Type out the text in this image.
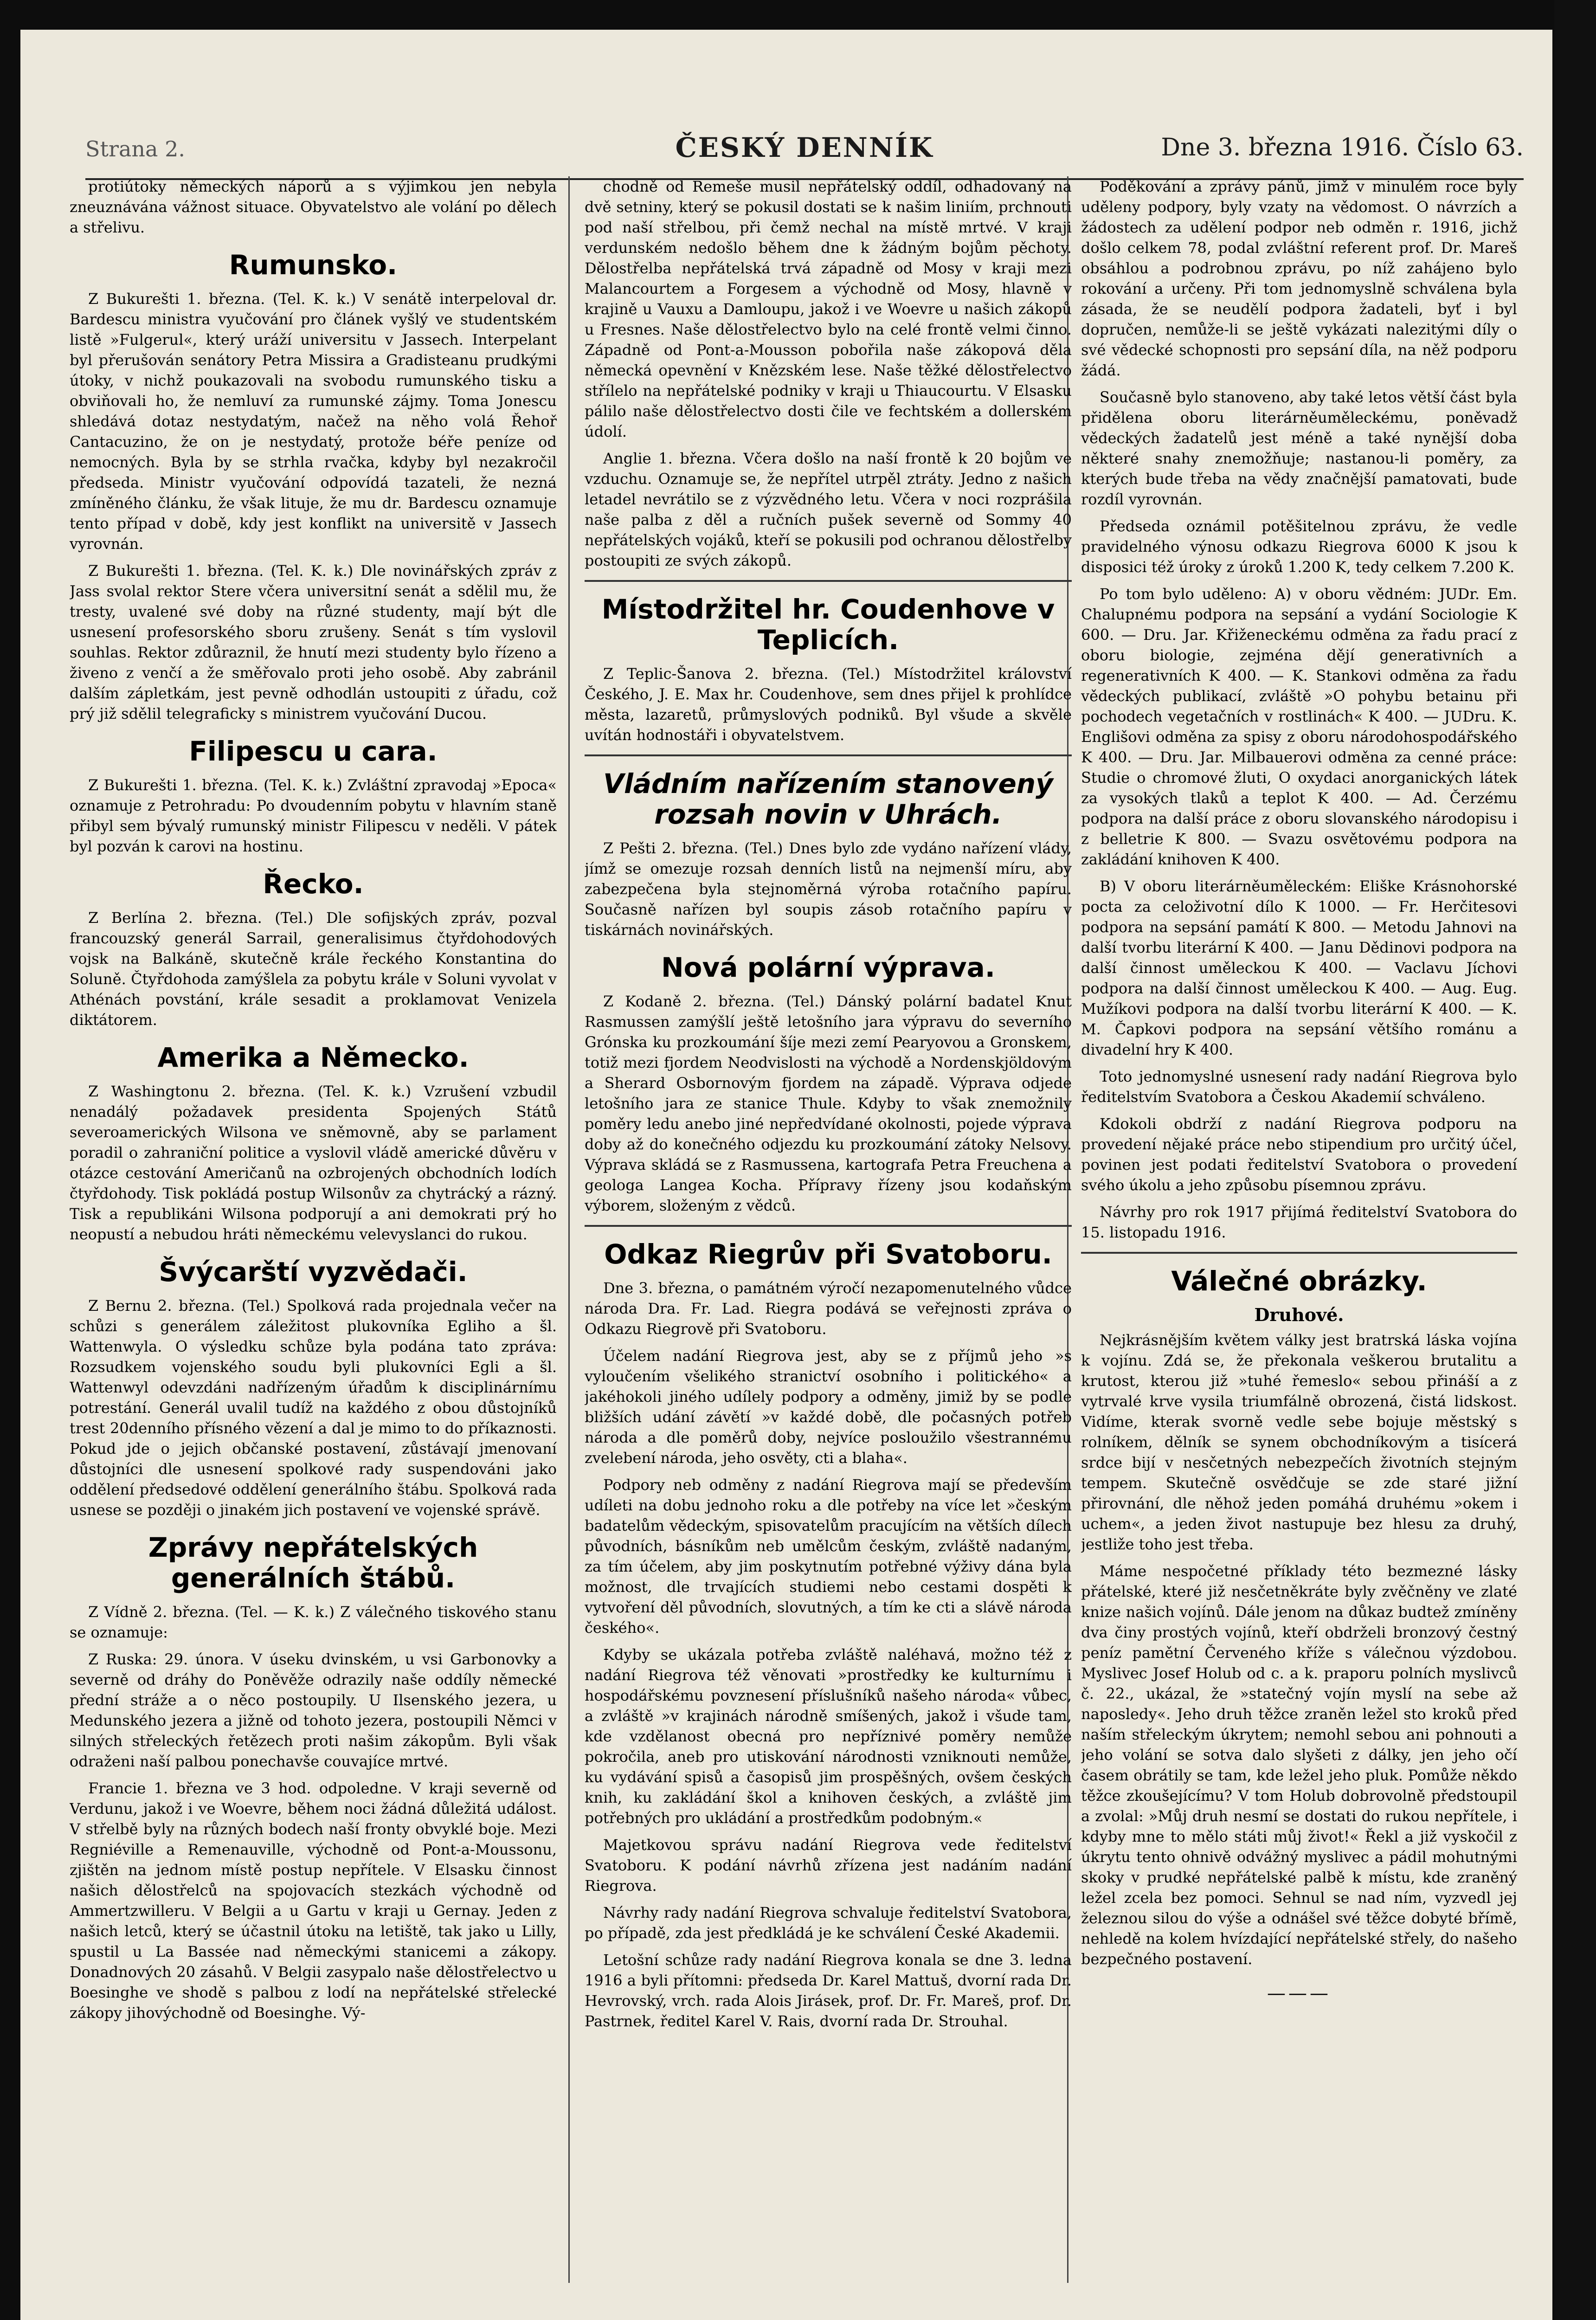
Strana 2.	ČESKÝ DENNÍK	Dne 3. března 1916. Číslo 63.

protiútoky německých náporů a s výjimkou jen nebyla zneuznávána vážnost situace. Obyvatelstvo ale volání po dělech a střelivu.

Rumunsko.

Z Bukurešti 1. března. (Tel. K. k.) V senátě interpeloval dr. Bardescu ministra vyučování pro článek vyšlý ve studentském listě »Fulgerul«, který uráží universitu v Jassech. Interpelant byl přerušován senátory Petra Missira a Gradisteanu prudkými útoky, v nichž poukazovali na svobodu rumunského tisku a obviňovali ho, že nemluví za rumunské zájmy. Toma Jonescu shledává dotaz nestydatým, načež na něho volá Řehoř Cantacuzino, že on je nestydatý, protože béře peníze od nemocných. Byla by se strhla rvačka, kdyby byl nezakročil předseda. Ministr vyučování odpovídá tazateli, že nezná zmíněného článku, že však lituje, že mu dr. Bardescu oznamuje tento případ v době, kdy jest konflikt na universitě v Jassech vyrovnán.

Z Bukurešti 1. března. (Tel. K. k.) Dle novinářských zpráv z Jass svolal rektor Stere včera universitní senát a sdělil mu, že tresty, uvalené své doby na různé studenty, mají být dle usnesení profesorského sboru zrušeny. Senát s tím vyslovil souhlas. Rektor zdůraznil, že hnutí mezi studenty bylo řízeno a živeno z venčí a že směřovalo proti jeho osobě. Aby zabránil dalším zápletkám, jest pevně odhodlán ustoupiti z úřadu, což prý již sdělil telegraficky s ministrem vyučování Ducou.

Filipescu u cara.

Z Bukurešti 1. března. (Tel. K. k.) Zvláštní zpravodaj »Epoca« oznamuje z Petrohradu: Po dvoudenním pobytu v hlavním staně přibyl sem bývalý rumunský ministr Filipescu v neděli. V pátek byl pozván k carovi na hostinu.

Řecko.

Z Berlína 2. března. (Tel.) Dle sofijských zpráv, pozval francouzský generál Sarrail, generalisimus čtyřdohodových vojsk na Balkáně, skutečně krále řeckého Konstantina do Soluně. Čtyřdohoda zamýšlela za pobytu krále v Soluni vyvolat v Athénách povstání, krále sesadit a proklamovat Venizela diktátorem.

Amerika a Německo.

Z Washingtonu 2. března. (Tel. K. k.) Vzrušení vzbudil nenadálý požadavek presidenta Spojených Států severoamerických Wilsona ve sněmovně, aby se parlament poradil o zahraniční politice a vyslovil vládě americké důvěru v otázce cestování Američanů na ozbrojených obchodních lodích čtyřdohody. Tisk pokládá postup Wilsonův za chytrácký a rázný. Tisk a republikáni Wilsona podporují a ani demokrati prý ho neopustí a nebudou hráti německému velevyslanci do rukou.

Švýcarští vyzvědači.

Z Bernu 2. března. (Tel.) Spolková rada projednala večer na schůzi s generálem záležitost plukovníka Egliho a šl. Wattenwyla. O výsledku schůze byla podána tato zpráva: Rozsudkem vojenského soudu byli plukovníci Egli a šl. Wattenwyl odevzdáni nadřízeným úřadům k disciplinárnímu potrestání. Generál uvalil tudíž na každého z obou důstojníků trest 20denního přísného vězení a dal je mimo to do příkaznosti. Pokud jde o jejich občanské postavení, zůstávají jmenovaní důstojníci dle usnesení spolkové rady suspendováni jako oddělení předsedové oddělení generálního štábu. Spolková rada usnese se později o jinakém jich postavení ve vojenské správě.

Zprávy nepřátelských generálních štábů.

Z Vídně 2. března. (Tel. — K. k.) Z válečného tiskového stanu se oznamuje:

Z Ruska: 29. února. V úseku dvinském, u vsi Garbonovky a severně od dráhy do Poněvěže odrazily naše oddíly německé přední stráže a o něco postoupily. U Ilsenského jezera, u Medunského jezera a jižně od tohoto jezera, postoupili Němci v silných střeleckých řetězech proti našim zákopům. Byli však odraženi naší palbou ponechavše couvajíce mrtvé.

Francie 1. března ve 3 hod. odpoledne. V kraji severně od Verdunu, jakož i ve Woevre, během noci žádná důležitá událost. V střelbě byly na různých bodech naší fronty obvyklé boje. Mezi Regniéville a Remenauville, východně od Pont-a-Moussonu, zjištěn na jednom místě postup nepřítele. V Elsasku činnost našich dělostřelců na spojovacích stezkách východně od Ammertzwilleru. V Belgii a u Gartu v kraji u Gernay. Jeden z našich letců, který se účastnil útoku na letiště, tak jako u Lilly, spustil u La Bassée nad německými stanicemi a zákopy. Donadnových 20 zásahů. V Belgii zasypalo naše dělostřelectvo u Boesinghe ve shodě s palbou z lodí na nepřátelské střelecké zákopy jihovýchodně od Boesinghe. Vý-

chodně od Remeše musil nepřátelský oddíl, odhadovaný na dvě setniny, který se pokusil dostati se k našim liniím, prchnouti pod naší střelbou, při čemž nechal na místě mrtvé. V kraji verdunském nedošlo během dne k žádným bojům pěchoty. Dělostřelba nepřátelská trvá západně od Mosy v kraji mezi Malancourtem a Forgesem a východně od Mosy, hlavně v krajině u Vauxu a Damloupu, jakož i ve Woevre u našich zákopů u Fresnes. Naše dělostřelectvo bylo na celé frontě velmi činno. Západně od Pont-a-Mousson pobořila naše zákopová děla německá opevnění v Knězském lese. Naše těžké dělostřelectvo střílelo na nepřátelské podniky v kraji u Thiaucourtu. V Elsasku pálilo naše dělostřelectvo dosti čile ve fechtském a dollerském údolí.

Anglie 1. března. Včera došlo na naší frontě k 20 bojům ve vzduchu. Oznamuje se, že nepřítel utrpěl ztráty. Jedno z našich letadel nevrátilo se z výzvědného letu. Včera v noci rozprášila naše palba z děl a ručních pušek severně od Sommy 40 nepřátelských vojáků, kteří se pokusili pod ochranou dělostřelby postoupiti ze svých zákopů.

Místodržitel hr. Coudenhove v Teplicích.

Z Teplic-Šanova 2. března. (Tel.) Místodržitel království Českého, J. E. Max hr. Coudenhove, sem dnes přijel k prohlídce města, lazaretů, průmyslových podniků. Byl všude a skvěle uvítán hodnostáři i obyvatelstvem.

Vládním nařízením stanovený rozsah novin v Uhrách.

Z Pešti 2. března. (Tel.) Dnes bylo zde vydáno nařízení vlády, jímž se omezuje rozsah denních listů na nejmenší míru, aby zabezpečena byla stejnoměrná výroba rotačního papíru. Současně nařízen byl soupis zásob rotačního papíru v tiskárnách novinářských.

Nová polární výprava.

Z Kodaně 2. března. (Tel.) Dánský polární badatel Knut Rasmussen zamýšlí ještě letošního jara výpravu do severního Grónska ku prozkoumání šíje mezi zemí Pearyovou a Gronskem, totiž mezi fjordem Neodvislosti na východě a Nordenskjöldovým a Sherard Osbornovým fjordem na západě. Výprava odjede letošního jara ze stanice Thule. Kdyby to však znemožnily poměry ledu anebo jiné nepředvídané okolnosti, pojede výprava doby až do konečného odjezdu ku prozkoumání zátoky Nelsovy. Výprava skládá se z Rasmussena, kartografa Petra Freuchena a geologa Langea Kocha. Přípravy řízeny jsou kodaňským výborem, složeným z vědců.

Odkaz Riegrův při Svatoboru.

Dne 3. března, o památném výročí nezapomenutelného vůdce národa Dra. Fr. Lad. Riegra podává se veřejnosti zpráva o Odkazu Riegrově při Svatoboru.

Účelem nadání Riegrova jest, aby se z příjmů jeho »s vyloučením všelikého stranictví osobního i politického« a jakéhokoli jiného udílely podpory a odměny, jimiž by se podle bližších udání závětí »v každé době, dle počasných potřeb národa a dle poměrů doby, nejvíce posloužilo všestrannému zvelebení národa, jeho osvěty, cti a blaha«.

Podpory neb odměny z nadání Riegrova mají se především udíleti na dobu jednoho roku a dle potřeby na více let »českým badatelům vědeckým, spisovatelům pracujícím na větších dílech původních, básníkům neb umělcům českým, zvláště nadaným, za tím účelem, aby jim poskytnutím potřebné výživy dána byla možnost, dle trvajících studiemi nebo cestami dospěti k vytvoření děl původních, slovutných, a tím ke cti a slávě národa českého«.

Kdyby se ukázala potřeba zvláště naléhavá, možno též z nadání Riegrova též věnovati »prostředky ke kulturnímu i hospodářskému povznesení příslušníků našeho národa« vůbec, a zvláště »v krajinách národně smíšených, jakož i všude tam, kde vzdělanost obecná pro nepříznivé poměry nemůže pokročila, aneb pro utiskování národnosti vzniknouti nemůže, ku vydávání spisů a časopisů jim prospěšných, ovšem českých knih, ku zakládání škol a knihoven českých, a zvláště jim potřebných pro ukládání a prostředkům podobným.«

Majetkovou správu nadání Riegrova vede ředitelství Svatoboru. K podání návrhů zřízena jest nadáním nadání Riegrova.

Návrhy rady nadání Riegrova schvaluje ředitelství Svatobora, po případě, zda jest předkládá je ke schválení České Akademii.

Letošní schůze rady nadání Riegrova konala se dne 3. ledna 1916 a byli přítomni: předseda Dr. Karel Mattuš, dvorní rada Dr. Hevrovský, vrch. rada Alois Jirásek, prof. Dr. Fr. Mareš, prof. Dr. Pastrnek, ředitel Karel V. Rais, dvorní rada Dr. Strouhal.

Poděkování a zprávy pánů, jimž v minulém roce byly uděleny podpory, byly vzaty na vědomost. O návrzích a žádostech za udělení podpor neb odměn r. 1916, jichž došlo celkem 78, podal zvláštní referent prof. Dr. Mareš obsáhlou a podrobnou zprávu, po níž zahájeno bylo rokování a určeny. Při tom jednomyslně schválena byla zásada, že se neudělí podpora žadateli, byť i byl dopručen, nemůže-li se ještě vykázati nalezitými díly o své vědecké schopnosti pro sepsání díla, na něž podporu žádá.

Současně bylo stanoveno, aby také letos větší část byla přidělena oboru literárněuměleckému, poněvadž vědeckých žadatelů jest méně a také nynější doba některé snahy znemožňuje; nastanou-li poměry, za kterých bude třeba na vědy značnější pamatovati, bude rozdíl vyrovnán.

Předseda oznámil potěšitelnou zprávu, že vedle pravidelného výnosu odkazu Riegrova 6000 K jsou k disposici též úroky z úroků 1.200 K, tedy celkem 7.200 K.

Po tom bylo uděleno: A) v oboru vědném: JUDr. Em. Chalupnému podpora na sepsání a vydání Sociologie K 600. — Dru. Jar. Křiženeckému odměna za řadu prací z oboru biologie, zejména dějí generativních a regenerativních K 400. — K. Stankovi odměna za řadu vědeckých publikací, zvláště »O pohybu betainu při pochodech vegetačních v rostlinách« K 400. — JUDru. K. Englišovi odměna za spisy z oboru národohospodářského K 400. — Dru. Jar. Milbauerovi odměna za cenné práce: Studie o chromové žluti, O oxydaci anorganických látek za vysokých tlaků a teplot K 400. — Ad. Čerzému podpora na další práce z oboru slovanského národopisu i z belletrie K 800. — Svazu osvětovému podpora na zakládání knihoven K 400.

B) V oboru literárněuměleckém: Eliške Krásnohorské pocta za celoživotní dílo K 1000. — Fr. Herčitesovi podpora na sepsání památí K 800. — Metodu Jahnovi na další tvorbu literární K 400. — Janu Dědinovi podpora na další činnost uměleckou K 400. — Vaclavu Jíchovi podpora na další činnost uměleckou K 400. — Aug. Eug. Mužíkovi podpora na další tvorbu literární K 400. — K. M. Čapkovi podpora na sepsání většího románu a divadelní hry K 400.

Toto jednomyslné usnesení rady nadání Riegrova bylo ředitelstvím Svatobora a Českou Akademií schváleno.

Kdokoli obdrží z nadání Riegrova podporu na provedení nějaké práce nebo stipendium pro určitý účel, povinen jest podati ředitelství Svatobora o provedení svého úkolu a jeho způsobu písemnou zprávu.

Návrhy pro rok 1917 přijímá ředitelství Svatobora do 15. listopadu 1916.

Válečné obrázky.
Druhové.

Nejkrásnějším květem války jest bratrská láska vojína k vojínu. Zdá se, že překonala veškerou brutalitu a krutost, kterou již »tuhé řemeslo« sebou přináší a z vytrvalé krve vysila triumfálně obrozená, čistá lidskost. Vidíme, kterak svorně vedle sebe bojuje městský s rolníkem, dělník se synem obchodníkovým a tisícerá srdce bijí v nesčetných nebezpečích životních stejným tempem. Skutečně osvědčuje se zde staré jižní přirovnání, dle něhož jeden pomáhá druhému »okem i uchem«, a jeden život nastupuje bez hlesu za druhý, jestliže toho jest třeba.

Máme nespočetné příklady této bezmezné lásky přátelské, které již nesčetněkráte byly zvěčněny ve zlaté knize našich vojínů. Dále jenom na důkaz budtež zmíněny dva činy prostých vojínů, kteří obdrželi bronzový čestný peníz pamětní Červeného kříže s válečnou výzdobou. Myslivec Josef Holub od c. a k. praporu polních myslivců č. 22., ukázal, že »statečný vojín myslí na sebe až naposledy«. Jeho druh těžce zraněn ležel sto kroků před naším střeleckým úkrytem; nemohl sebou ani pohnouti a jeho volání se sotva dalo slyšeti z dálky, jen jeho očí časem obrátily se tam, kde ležel jeho pluk. Pomůže někdo těžce zkoušejícímu? V tom Holub dobrovolně předstoupil a zvolal: »Můj druh nesmí se dostati do rukou nepřítele, i kdyby mne to mělo státi můj život!« Řekl a již vyskočil z úkrytu tento ohnivě odvážný myslivec a pádil mohutnými skoky v prudké nepřátelské palbě k místu, kde zraněný ležel zcela bez pomoci. Sehnul se nad ním, vyzvedl jej železnou silou do výše a odnášel své těžce dobyté břímě, nehledě na kolem hvízdající nepřátelské střely, do našeho bezpečného postavení.

———
